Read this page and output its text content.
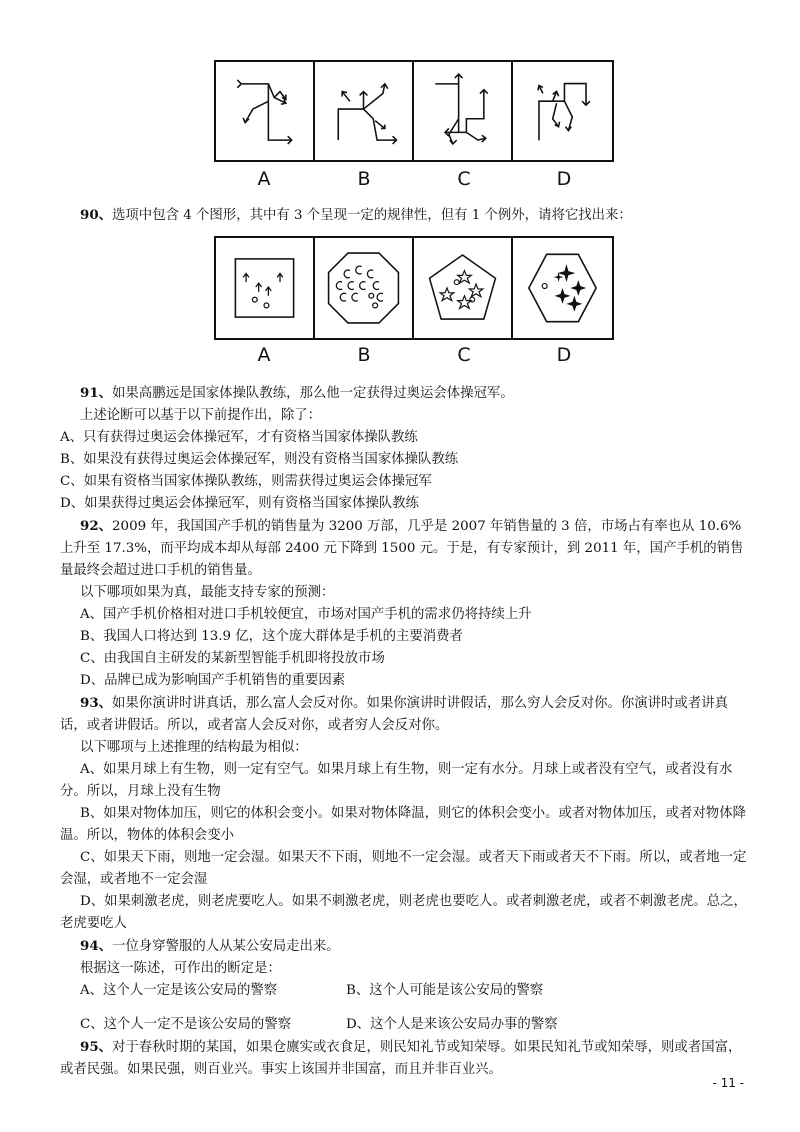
A	B	C	D

90、选项中包含 4 个图形，其中有 3 个呈现一定的规律性，但有 1 个例外，请将它找出来：

A	B	C	D

91、如果高鹏远是国家体操队教练，那么他一定获得过奥运会体操冠军。

上述论断可以基于以下前提作出，除了：

A、只有获得过奥运会体操冠军，才有资格当国家体操队教练

B、如果没有获得过奥运会体操冠军，则没有资格当国家体操队教练

C、如果有资格当国家体操队教练，则需获得过奥运会体操冠军

D、如果获得过奥运会体操冠军，则有资格当国家体操队教练

92、2009 年，我国国产手机的销售量为 3200 万部，几乎是 2007 年销售量的 3 倍，市场占有率也从 10.6%上升至 17.3%，而平均成本却从每部 2400 元下降到 1500 元。于是，有专家预计，到 2011 年，国产手机的销售量最终会超过进口手机的销售量。

以下哪项如果为真，最能支持专家的预测：

A、国产手机价格相对进口手机较便宜，市场对国产手机的需求仍将持续上升

B、我国人口将达到 13.9 亿，这个庞大群体是手机的主要消费者

C、由我国自主研发的某新型智能手机即将投放市场

D、品牌已成为影响国产手机销售的重要因素

93、如果你演讲时讲真话，那么富人会反对你。如果你演讲时讲假话，那么穷人会反对你。你演讲时或者讲真话，或者讲假话。所以，或者富人会反对你，或者穷人会反对你。

以下哪项与上述推理的结构最为相似：

A、如果月球上有生物，则一定有空气。如果月球上有生物，则一定有水分。月球上或者没有空气，或者没有水分。所以，月球上没有生物

B、如果对物体加压，则它的体积会变小。如果对物体降温，则它的体积会变小。或者对物体加压，或者对物体降温。所以，物体的体积会变小

C、如果天下雨，则地一定会湿。如果天不下雨，则地不一定会湿。或者天下雨或者天不下雨。所以，或者地一定会湿，或者地不一定会湿

D、如果刺激老虎，则老虎要吃人。如果不刺激老虎，则老虎也要吃人。或者刺激老虎，或者不刺激老虎。总之，老虎要吃人

94、一位身穿警服的人从某公安局走出来。

根据这一陈述，可作出的断定是：

A、这个人一定是该公安局的警察	B、这个人可能是该公安局的警察

C、这个人一定不是该公安局的警察	D、这个人是来该公安局办事的警察

95、对于春秋时期的某国，如果仓廪实或衣食足，则民知礼节或知荣辱。如果民知礼节或知荣辱，则或者国富，或者民强。如果民强，则百业兴。事实上该国并非国富，而且并非百业兴。

- 11 -
